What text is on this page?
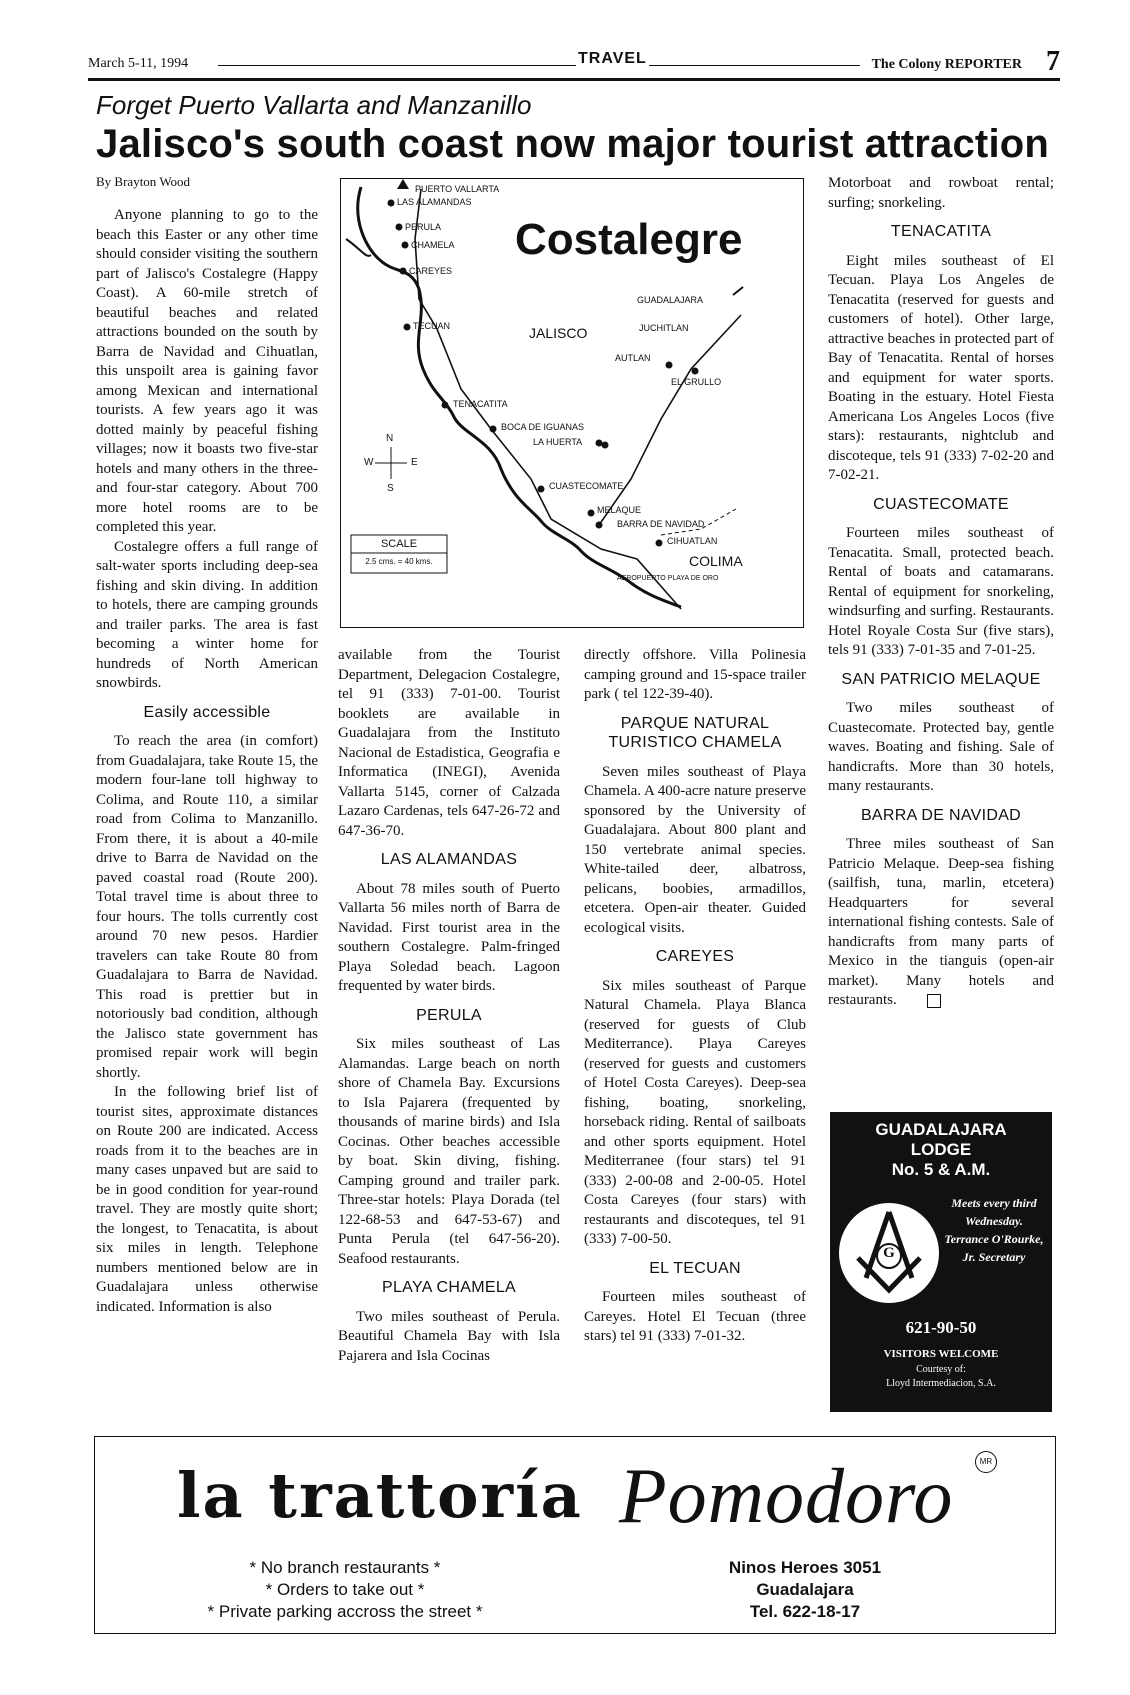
March 5-11, 1994	TRAVEL	The Colony REPORTER 7
Forget Puerto Vallarta and Manzanillo
Jalisco's south coast now major tourist attraction
By Brayton Wood

Anyone planning to go to the beach this Easter or any other time should consider visiting the southern part of Jalisco's Costalegre (Happy Coast). A 60-mile stretch of beautiful beaches and related attractions bounded on the south by Barra de Navidad and Cihuatlan, this unspoilt area is gaining favor among Mexican and international tourists. A few years ago it was dotted mainly by peaceful fishing villages; now it boasts two five-star hotels and many others in the three- and four-star category. About 700 more hotel rooms are to be completed this year.

Costalegre offers a full range of salt-water sports including deep-sea fishing and skin diving. In addition to hotels, there are camping grounds and trailer parks. The area is fast becoming a winter home for hundreds of North American snowbirds.

Easily accessible

To reach the area (in comfort) from Guadalajara, take Route 15, the modern four-lane toll highway to Colima, and Route 110, a similar road from Colima to Manzanillo. From there, it is about a 40-mile drive to Barra de Navidad on the paved coastal road (Route 200). Total travel time is about three to four hours. The tolls currently cost around 70 new pesos. Hardier travelers can take Route 80 from Guadalajara to Barra de Navidad. This road is prettier but in notoriously bad condition, although the Jalisco state government has promised repair work will begin shortly.

In the following brief list of tourist sites, approximate distances on Route 200 are indicated. Access roads from it to the beaches are in many cases unpaved but are said to be in good condition for year-round travel. They are mostly quite short; the longest, to Tenacatita, is about six miles in length. Telephone numbers mentioned below are in Guadalajara unless otherwise indicated. Information is also

Costalegre
PUERTO VALLARTA
LAS ALAMANDAS
PERULA
CHAMELA
CAREYES
TECUAN	JALISCO
GUADALAJARA
JUCHITLAN
AUTLAN
EL GRULLO
TENACATITA
BOCA DE IGUANAS
LA HUERTA
CUASTECOMATE
MELAQUE
BARRA DE NAVIDAD
CIHUATLAN
COLIMA
AEROPUERTO PLAYA DE ORO
N
S
E
W
SCALE
2.5 cms. = 40 kms.

available from the Tourist Department, Delegacion Costalegre, tel 91 (333) 7-01-00. Tourist booklets are available in Guadalajara from the Instituto Nacional de Estadistica, Geografia e Informatica (INEGI), Avenida Vallarta 5145, corner of Calzada Lazaro Cardenas, tels 647-26-72 and 647-36-70.

LAS ALAMANDAS

About 78 miles south of Puerto Vallarta 56 miles north of Barra de Navidad. First tourist area in the southern Costalegre. Palm-fringed Playa Soledad beach. Lagoon frequented by water birds.

PERULA

Six miles southeast of Las Alamandas. Large beach on north shore of Chamela Bay. Excursions to Isla Pajarera (frequented by thousands of marine birds) and Isla Cocinas. Other beaches accessible by boat. Skin diving, fishing. Camping ground and trailer park. Three-star hotels: Playa Dorada (tel 122-68-53 and 647-53-67) and Punta Perula (tel 647-56-20). Seafood restaurants.

PLAYA CHAMELA

Two miles southeast of Perula. Beautiful Chamela Bay with Isla Pajarera and Isla Cocinas

directly offshore. Villa Polinesia camping ground and 15-space trailer park ( tel 122-39-40).

PARQUE NATURAL TURISTICO CHAMELA

Seven miles southeast of Playa Chamela. A 400-acre nature preserve sponsored by the University of Guadalajara. About 800 plant and 150 vertebrate animal species. White-tailed deer, albatross, pelicans, boobies, armadillos, etcetera. Open-air theater. Guided ecological visits.

CAREYES

Six miles southeast of Parque Natural Chamela. Playa Blanca (reserved for guests of Club Mediterrance). Playa Careyes (reserved for guests and customers of Hotel Costa Careyes). Deep-sea fishing, boating, snorkeling, horseback riding. Rental of sailboats and other sports equipment. Hotel Mediterranee (four stars) tel 91 (333) 2-00-08 and 2-00-05. Hotel Costa Careyes (four stars) with restaurants and discoteques, tel 91 (333) 7-00-50.

EL TECUAN

Fourteen miles southeast of Careyes. Hotel El Tecuan (three stars) tel 91 (333) 7-01-32.

Motorboat and rowboat rental; surfing; snorkeling.

TENACATITA

Eight miles southeast of El Tecuan. Playa Los Angeles de Tenacatita (reserved for guests and customers of hotel). Other large, attractive beaches in protected part of Bay of Tenacatita. Rental of horses and equipment for water sports. Boating in the estuary. Hotel Fiesta Americana Los Angeles Locos (five stars): restaurants, nightclub and discoteque, tels 91 (333) 7-02-20 and 7-02-21.

CUASTECOMATE

Fourteen miles southeast of Tenacatita. Small, protected beach. Rental of boats and catamarans. Rental of equipment for snorkeling, windsurfing and surfing. Restaurants. Hotel Royale Costa Sur (five stars), tels 91 (333) 7-01-35 and 7-01-25.

SAN PATRICIO MELAQUE

Two miles southeast of Cuastecomate. Protected bay, gentle waves. Boating and fishing. Sale of handicrafts. More than 30 hotels, many restaurants.

BARRA DE NAVIDAD

Three miles southeast of San Patricio Melaque. Deep-sea fishing (sailfish, tuna, marlin, etcetera) Headquarters for several international fishing contests. Sale of handicrafts from many parts of Mexico in the tianguis (open-air market). Many hotels and restaurants.

GUADALAJARA
LODGE
No. 5 & A.M.
G
Meets every third Wednesday. Terrance O'Rourke, Jr. Secretary
621-90-50
VISITORS WELCOME
Courtesy of:
Lloyd Intermediacion, S.A.
la trattoría Pomodoro	MR
* No branch restaurants *
* Orders to take out *
* Private parking accross the street *
Ninos Heroes 3051
Guadalajara
Tel. 622-18-17
